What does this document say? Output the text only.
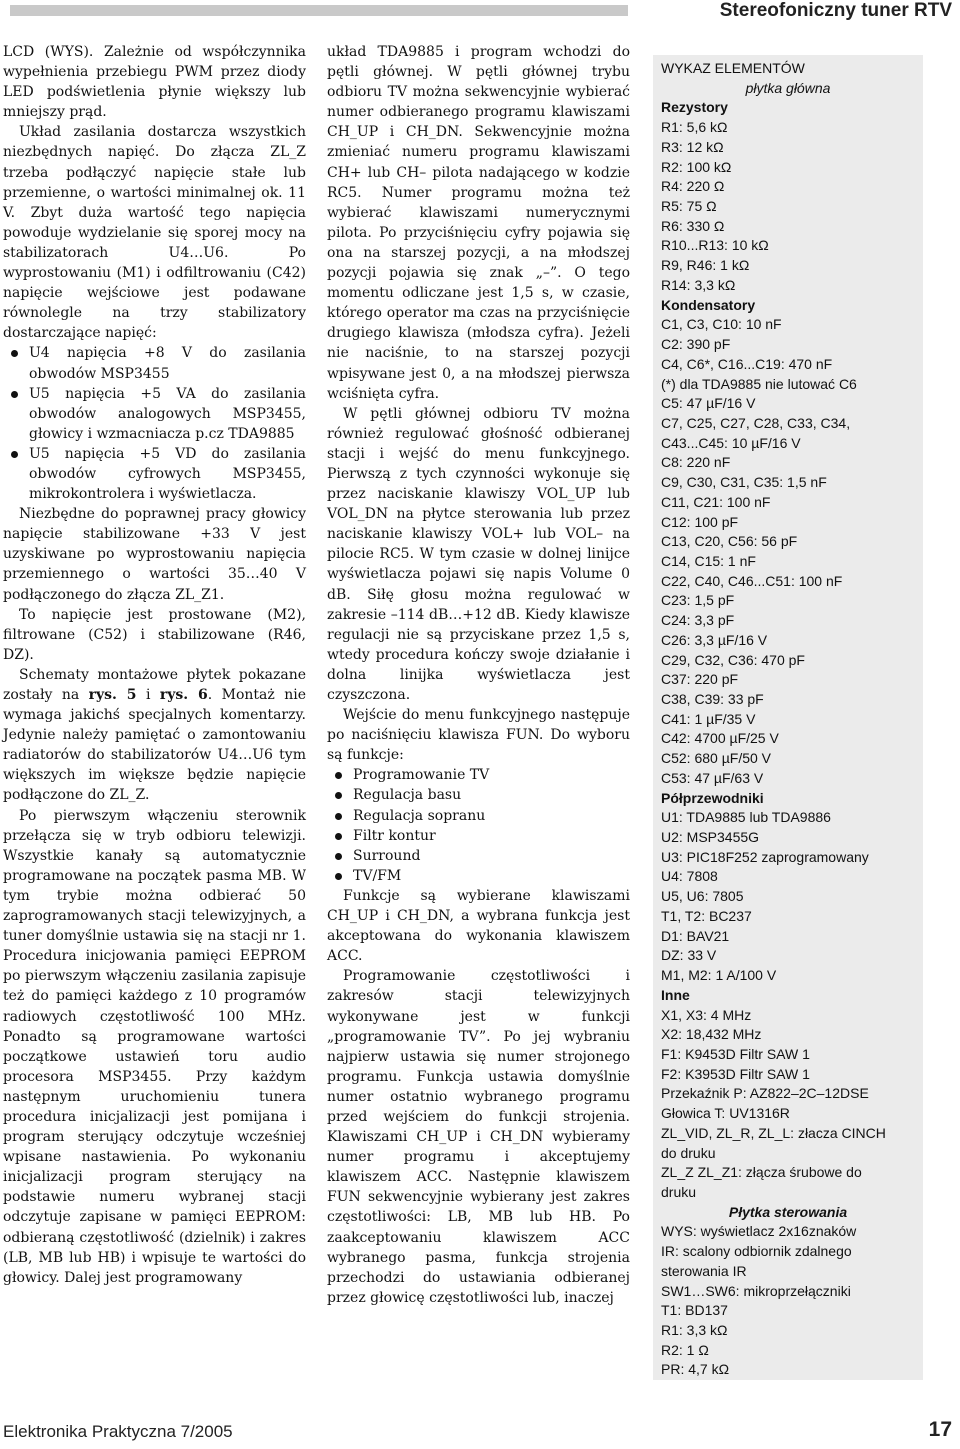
Stereofoniczny tuner RTV

LCD (WYS). Zależnie od współczynnika wypełnienia przebiegu PWM przez diody LED podświetlenia płynie większy lub mniejszy prąd.

Układ zasilania dostarcza wszystkich niezbędnych napięć. Do złącza ZL_Z trzeba podłączyć napięcie stałe lub przemienne, o wartości minimalnej ok. 11 V. Zbyt duża wartość tego napięcia powoduje wydzielanie się sporej mocy na stabilizatorach U4…U6. Po wyprostowaniu (M1) i odfiltrowaniu (C42) napięcie wejściowe jest podawane równolegle na trzy stabilizatory dostarczające napięć:

U4 napięcia +8 V do zasilania obwodów MSP3455
U5 napięcia +5 VA do zasilania obwodów analogowych MSP3455, głowicy i wzmacniacza p.cz TDA9885
U5 napięcia +5 VD do zasilania obwodów cyfrowych MSP3455, mikrokontrolera i wyświetlacza.

Niezbędne do poprawnej pracy głowicy napięcie stabilizowane +33 V jest uzyskiwane po wyprostowaniu napięcia przemiennego o wartości 35…40 V podłączonego do złącza ZL_Z1.

To napięcie jest prostowane (M2), filtrowane (C52) i stabilizowane (R46, DZ).

Schematy montażowe płytek pokazane zostały na rys. 5 i rys. 6. Montaż nie wymaga jakichś specjalnych komentarzy. Jedynie należy pamiętać o zamontowaniu radiatorów do stabilizatorów U4…U6 tym większych im większe będzie napięcie podłączone do ZL_Z.

Po pierwszym włączeniu sterownik przełącza się w tryb odbioru telewizji. Wszystkie kanały są automatycznie programowane na początek pasma MB. W tym trybie można odbierać 50 zaprogramowanych stacji telewizyjnych, a tuner domyślnie ustawia się na stacji nr 1. Procedura inicjowania pamięci EEPROM po pierwszym włączeniu zasilania zapisuje też do pamięci każdego z 10 programów radiowych częstotliwość 100 MHz. Ponadto są programowane wartości początkowe ustawień toru audio procesora MSP3455. Przy każdym następnym uruchomieniu tunera procedura inicjalizacji jest pomijana i program sterujący odczytuje wcześniej wpisane nastawienia. Po wykonaniu inicjalizacji program sterujący na podstawie numeru wybranej stacji odczytuje zapisane w pamięci EEPROM: odbieraną częstotliwość (dzielnik) i zakres (LB, MB lub HB) i wpisuje te wartości do głowicy. Dalej jest programowany

układ TDA9885 i program wchodzi do pętli głównej. W pętli głównej trybu odbioru TV można sekwencyjnie wybierać numer odbieranego programu klawiszami CH_UP i CH_DN. Sekwencyjnie można zmieniać numeru programu klawiszami CH+ lub CH– pilota nadającego w kodzie RC5. Numer programu można też wybierać klawiszami numerycznymi pilota. Po przyciśnięciu cyfry pojawia się ona na starszej pozycji, a na młodszej pozycji pojawia się znak „–”. O tego momentu odliczane jest 1,5 s, w czasie, którego operator ma czas na przyciśnięcie drugiego klawisza (młodsza cyfra). Jeżeli nie naciśnie, to na starszej pozycji wpisywane jest 0, a na młodszej pierwsza wciśnięta cyfra.

W pętli głównej odbioru TV można również regulować głośność odbieranej stacji i wejść do menu funkcyjnego. Pierwszą z tych czynności wykonuje się przez naciskanie klawiszy VOL_UP lub VOL_DN na płytce sterowania lub przez naciskanie klawiszy VOL+ lub VOL– na pilocie RC5. W tym czasie w dolnej linijce wyświetlacza pojawi się napis Volume 0 dB. Siłę głosu można regulować w zakresie –114 dB…+12 dB. Kiedy klawisze regulacji nie są przyciskane przez 1,5 s, wtedy procedura kończy swoje działanie i dolna linijka wyświetlacza jest czyszczona.

Wejście do menu funkcyjnego następuje po naciśnięciu klawisza FUN. Do wyboru są funkcje:

Programowanie TV
Regulacja basu
Regulacja sopranu
Filtr kontur
Surround
TV/FM

Funkcje są wybierane klawiszami CH_UP i CH_DN, a wybrana funkcja jest akceptowana do wykonania klawiszem ACC.

Programowanie częstotliwości i zakresów stacji telewizyjnych wykonywane jest w funkcji „programowanie TV”. Po jej wybraniu najpierw ustawia się numer strojonego programu. Funkcja ustawia domyślnie numer ostatnio wybranego programu przed wejściem do funkcji strojenia. Klawiszami CH_UP i CH_DN wybieramy numer programu i akceptujemy klawiszem ACC. Następnie klawiszem FUN sekwencyjnie wybierany jest zakres częstotliwości: LB, MB lub HB. Po zaakceptowaniu klawiszem ACC wybranego pasma, funkcja strojenia przechodzi do ustawiania odbieranej przez głowicę częstotliwości lub, inaczej

WYKAZ ELEMENTÓW
płytka główna
Rezystory
R1: 5,6 kΩ
R3: 12 kΩ
R2: 100 kΩ
R4: 220 Ω
R5: 75 Ω
R6: 330 Ω
R10...R13: 10 kΩ
R9, R46: 1 kΩ
R14: 3,3 kΩ
Kondensatory
C1, C3, C10: 10 nF
C2: 390 pF
C4, C6*, C16...C19: 470 nF
(*) dla TDA9885 nie lutować C6
C5: 47 µF/16 V
C7, C25, C27, C28, C33, C34,
C43...C45: 10 µF/16 V
C8: 220 nF
C9, C30, C31, C35: 1,5 nF
C11, C21: 100 nF
C12: 100 pF
C13, C20, C56: 56 pF
C14, C15: 1 nF
C22, C40, C46...C51: 100 nF
C23: 1,5 pF
C24: 3,3 pF
C26: 3,3 µF/16 V
C29, C32, C36: 470 pF
C37: 220 pF
C38, C39: 33 pF
C41: 1 µF/35 V
C42: 4700 µF/25 V
C52: 680 µF/50 V
C53: 47 µF/63 V
Półprzewodniki
U1: TDA9885 lub TDA9886
U2: MSP3455G
U3: PIC18F252 zaprogramowany
U4: 7808
U5, U6: 7805
T1, T2: BC237
D1: BAV21
DZ: 33 V
M1, M2: 1 A/100 V
Inne
X1, X3: 4 MHz
X2: 18,432 MHz
F1: K9453D Filtr SAW 1
F2: K3953D Filtr SAW 1
Przekaźnik P: AZ822–2C–12DSE
Głowica T: UV1316R
ZL_VID, ZL_R, ZL_L: złacza CINCH
do druku
ZL_Z ZL_Z1: złącza śrubowe do
druku
Płytka sterowania
WYS: wyświetlacz 2x16znaków
IR: scalony odbiornik zdalnego
sterowania IR
SW1…SW6: mikroprzełączniki
T1: BD137
R1: 3,3 kΩ
R2: 1 Ω
PR: 4,7 kΩ
Elektronika Praktyczna 7/2005	17
